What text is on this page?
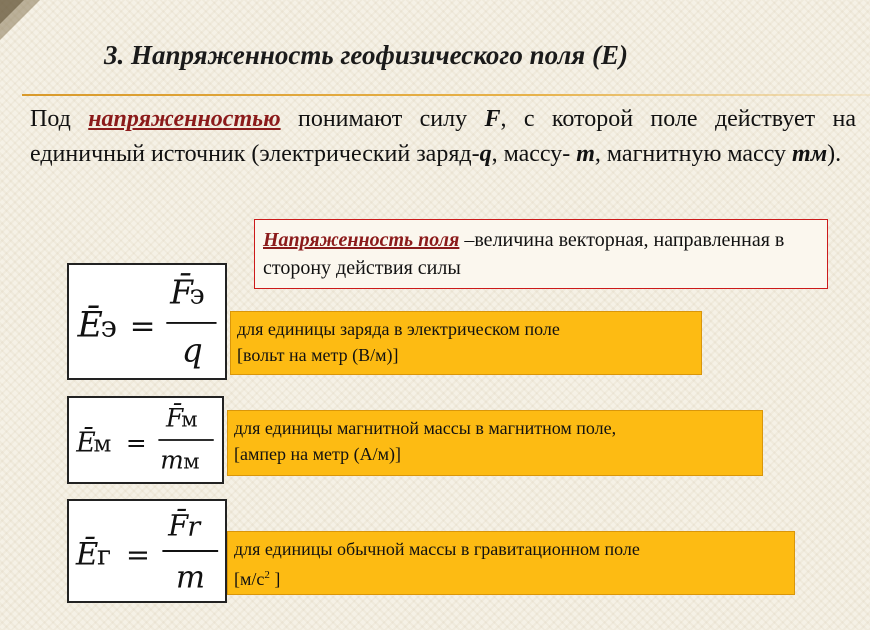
3. Напряженность геофизического поля (Е)
Под напряженностью понимают силу F, с которой поле действует на единичный источник (электрический заряд-q, массу- m, магнитную массу mм).
Напряженность поля –величина векторная, направленная в сторону действия силы
Ē
э =
F̄
э
q
Ē
м =
F̄
м
m м
Ē
г =
F̄ r
m
для единицы заряда в электрическом поле
[вольт на метр (В/м)]
для единицы магнитной массы в магнитном поле,
[ампер на метр (А/м)]
для единицы обычной массы в гравитационном поле
[$м/с^2$ ]
